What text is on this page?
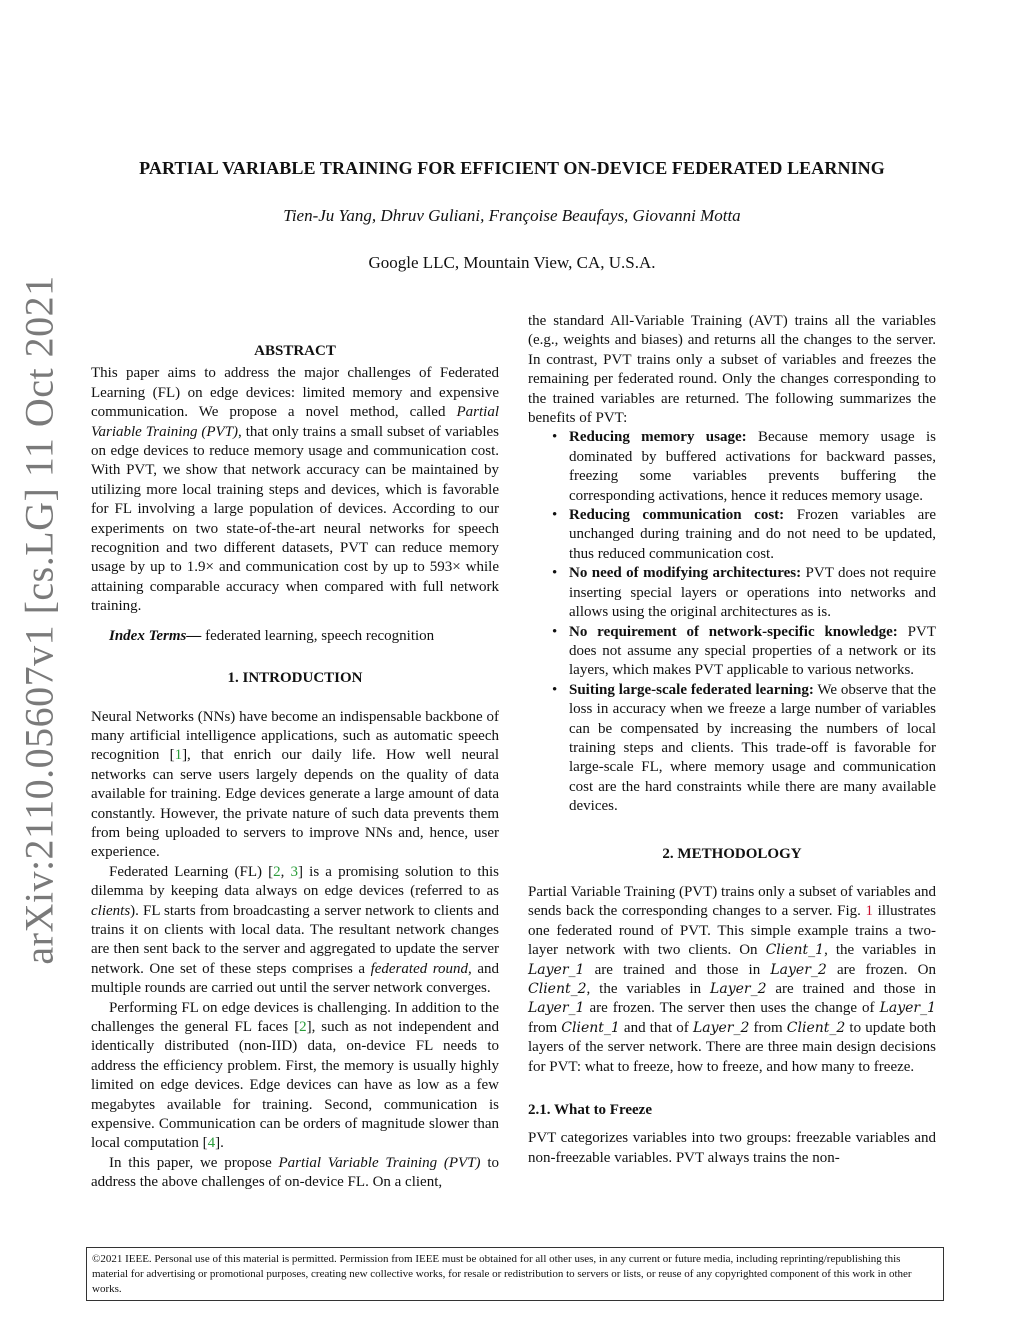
arXiv:2110.05607v1 [cs.LG] 11 Oct 2021
PARTIAL VARIABLE TRAINING FOR EFFICIENT ON-DEVICE FEDERATED LEARNING
Tien-Ju Yang, Dhruv Guliani, Françoise Beaufays, Giovanni Motta
Google LLC, Mountain View, CA, U.S.A.

ABSTRACT

This paper aims to address the major challenges of Federated Learning (FL) on edge devices: limited memory and expensive communication. We propose a novel method, called Partial Variable Training (PVT), that only trains a small subset of variables on edge devices to reduce memory usage and communication cost. With PVT, we show that network accuracy can be maintained by utilizing more local training steps and devices, which is favorable for FL involving a large population of devices. According to our experiments on two state-of-the-art neural networks for speech recognition and two different datasets, PVT can reduce memory usage by up to 1.9× and communication cost by up to 593× while attaining comparable accuracy when compared with full network training.

Index Terms— federated learning, speech recognition

1. INTRODUCTION

Neural Networks (NNs) have become an indispensable backbone of many artificial intelligence applications, such as automatic speech recognition [1], that enrich our daily life. How well neural networks can serve users largely depends on the quality of data available for training. Edge devices generate a large amount of data constantly. However, the private nature of such data prevents them from being uploaded to servers to improve NNs and, hence, user experience.

Federated Learning (FL) [2, 3] is a promising solution to this dilemma by keeping data always on edge devices (referred to as clients). FL starts from broadcasting a server network to clients and trains it on clients with local data. The resultant network changes are then sent back to the server and aggregated to update the server network. One set of these steps comprises a federated round, and multiple rounds are carried out until the server network converges.

Performing FL on edge devices is challenging. In addition to the challenges the general FL faces [2], such as not independent and identically distributed (non-IID) data, on-device FL needs to address the efficiency problem. First, the memory is usually highly limited on edge devices. Edge devices can have as low as a few megabytes available for training. Second, communication is expensive. Communication can be orders of magnitude slower than local computation [4].

In this paper, we propose Partial Variable Training (PVT) to address the above challenges of on-device FL. On a client,

the standard All-Variable Training (AVT) trains all the variables (e.g., weights and biases) and returns all the changes to the server. In contrast, PVT trains only a subset of variables and freezes the remaining per federated round. Only the changes corresponding to the trained variables are returned. The following summarizes the benefits of PVT:

• Reducing memory usage: Because memory usage is dominated by buffered activations for backward passes, freezing some variables prevents buffering the corresponding activations, hence it reduces memory usage.
• Reducing communication cost: Frozen variables are unchanged during training and do not need to be updated, thus reduced communication cost.
• No need of modifying architectures: PVT does not require inserting special layers or operations into networks and allows using the original architectures as is.
• No requirement of network-specific knowledge: PVT does not assume any special properties of a network or its layers, which makes PVT applicable to various networks.
• Suiting large-scale federated learning: We observe that the loss in accuracy when we freeze a large number of variables can be compensated by increasing the numbers of local training steps and clients. This trade-off is favorable for large-scale FL, where memory usage and communication cost are the hard constraints while there are many available devices.

2. METHODOLOGY

Partial Variable Training (PVT) trains only a subset of variables and sends back the corresponding changes to a server. Fig. 1 illustrates one federated round of PVT. This simple example trains a two-layer network with two clients. On Client_1, the variables in Layer_1 are trained and those in Layer_2 are frozen. On Client_2, the variables in Layer_2 are trained and those in Layer_1 are frozen. The server then uses the change of Layer_1 from Client_1 and that of Layer_2 from Client_2 to update both layers of the server network. There are three main design decisions for PVT: what to freeze, how to freeze, and how many to freeze.

2.1. What to Freeze

PVT categorizes variables into two groups: freezable variables and non-freezable variables. PVT always trains the non-

©2021 IEEE. Personal use of this material is permitted. Permission from IEEE must be obtained for all other uses, in any current or future media, including reprinting/republishing this material for advertising or promotional purposes, creating new collective works, for resale or redistribution to servers or lists, or reuse of any copyrighted component of this work in other works.
